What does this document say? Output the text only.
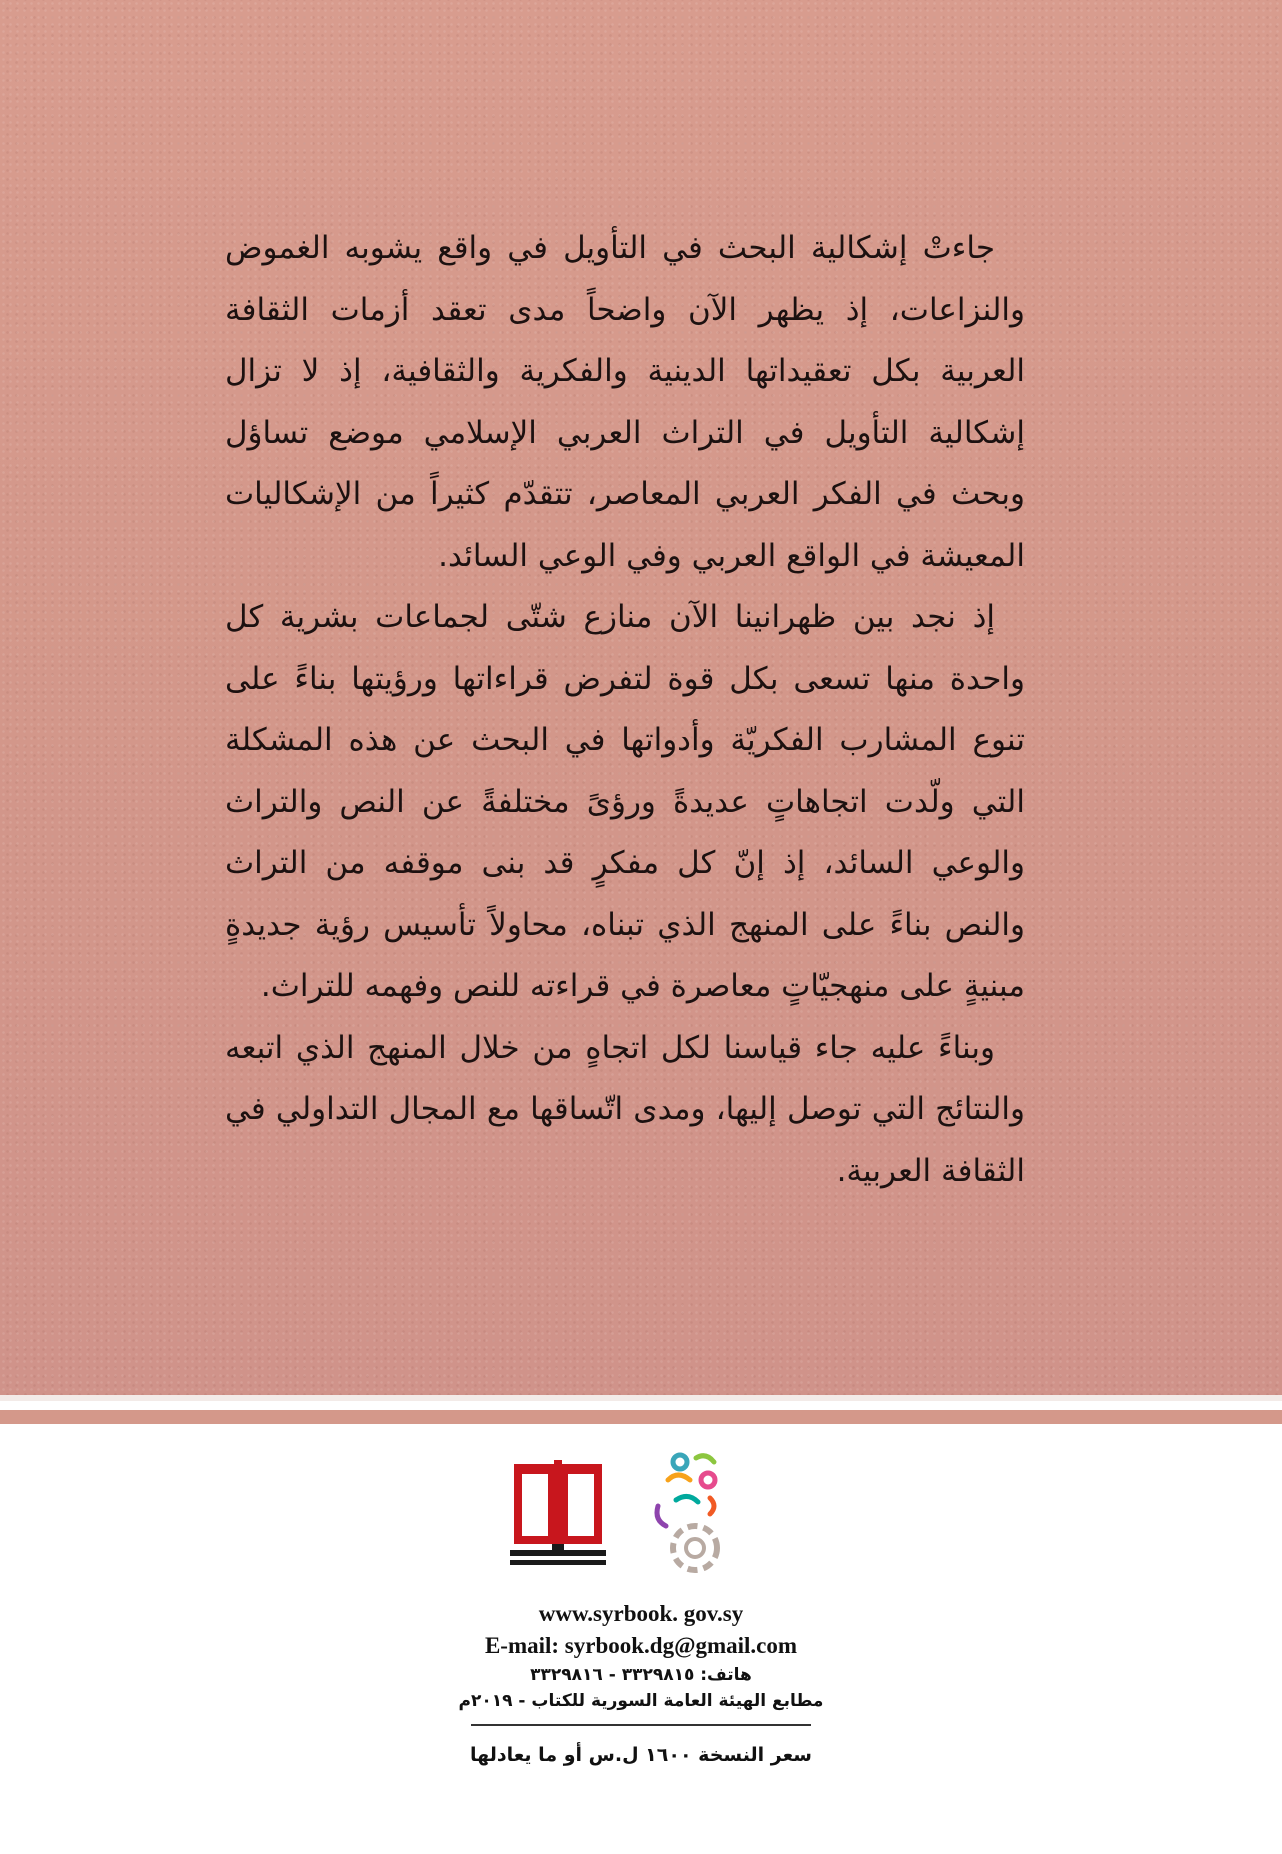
جاءتْ إشكالية البحث في التأويل في واقع يشوبه الغموض والنزاعات، إذ يظهر الآن واضحاً مدى تعقد أزمات الثقافة العربية بكل تعقيداتها الدينية والفكرية والثقافية، إذ لا تزال إشكالية التأويل في التراث العربي الإسلامي موضع تساؤل وبحث في الفكر العربي المعاصر، تتقدّم كثيراً من الإشكاليات المعيشة في الواقع العربي وفي الوعي السائد.

إذ نجد بين ظهرانينا الآن منازع شتّى لجماعات بشرية كل واحدة منها تسعى بكل قوة لتفرض قراءاتها ورؤيتها بناءً على تنوع المشارب الفكريّة وأدواتها في البحث عن هذه المشكلة التي ولّدت اتجاهاتٍ عديدةً ورؤىً مختلفةً عن النص والتراث والوعي السائد، إذ إنّ كل مفكرٍ قد بنى موقفه من التراث والنص بناءً على المنهج الذي تبناه، محاولاً تأسيس رؤية جديدةٍ مبنيةٍ على منهجيّاتٍ معاصرة في قراءته للنص وفهمه للتراث.

وبناءً عليه جاء قياسنا لكل اتجاهٍ من خلال المنهج الذي اتبعه والنتائج التي توصل إليها، ومدى اتّساقها مع المجال التداولي في الثقافة العربية.

www.syrbook. gov.sy
E-mail: syrbook.dg@gmail.com
هاتف: ٣٣٢٩٨١٥ - ٣٣٢٩٨١٦
مطابع الهيئة العامة السورية للكتاب - ٢٠١٩م
سعر النسخة ١٦٠٠ ل.س أو ما يعادلها
